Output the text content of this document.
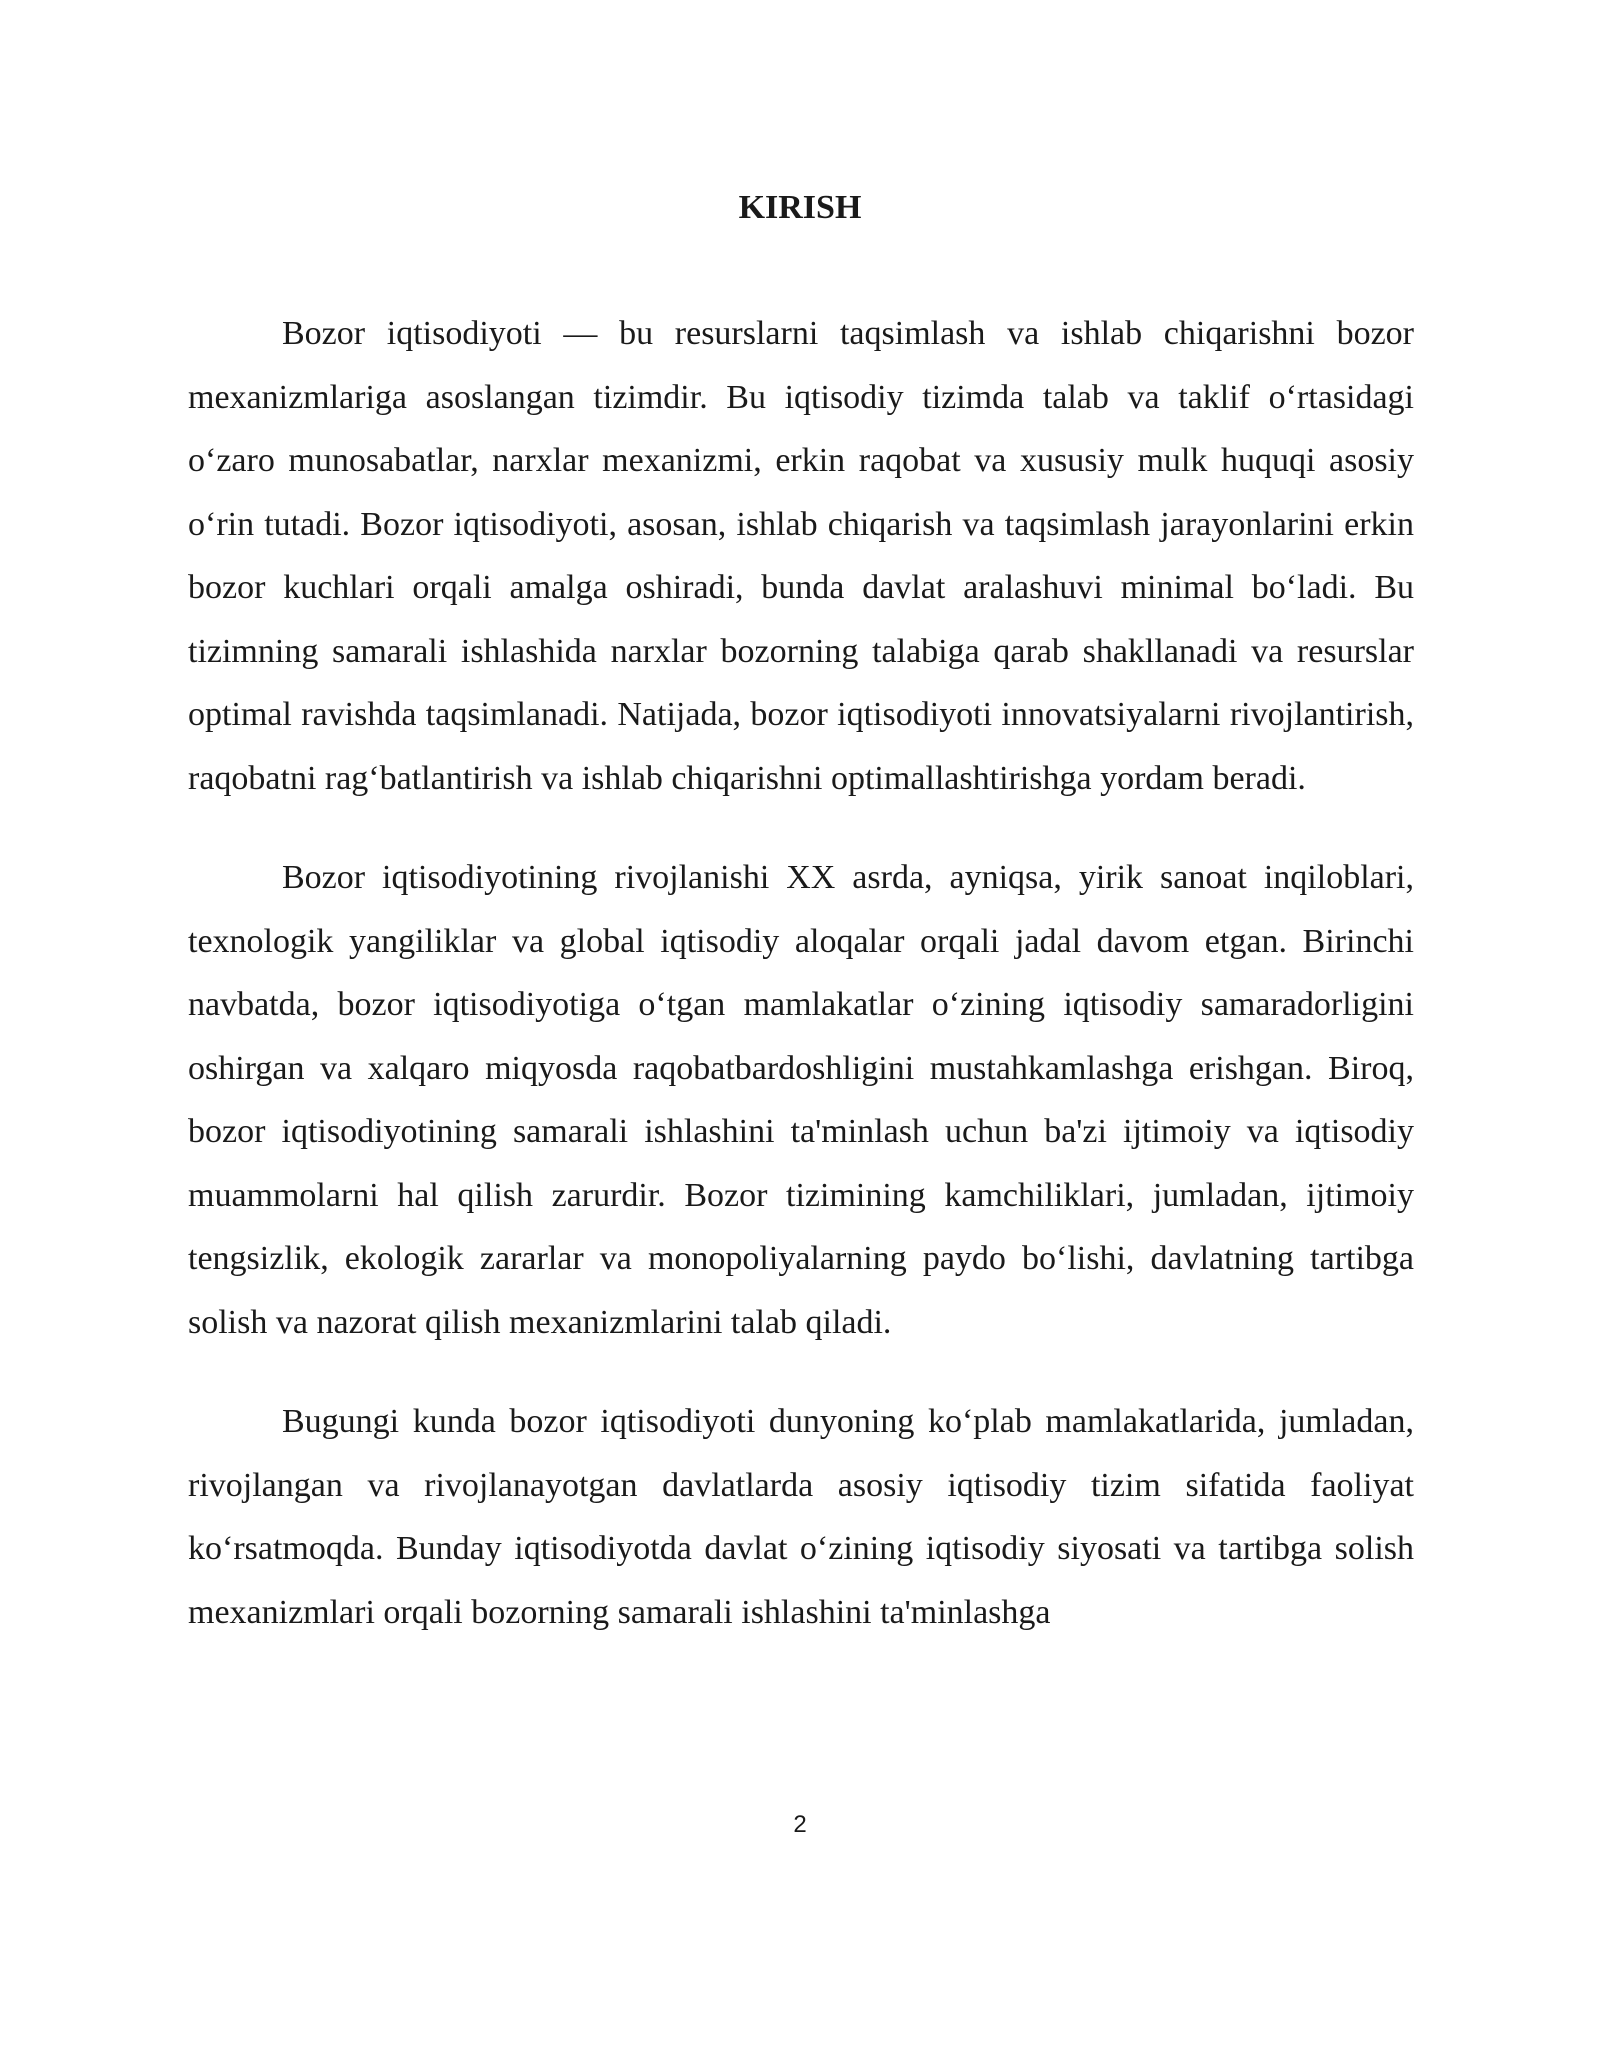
KIRISH

Bozor iqtisodiyoti — bu resurslarni taqsimlash va ishlab chiqarishni bozor mexanizmlariga asoslangan tizimdir. Bu iqtisodiy tizimda talab va taklif o‘rtasidagi o‘zaro munosabatlar, narxlar mexanizmi, erkin raqobat va xususiy mulk huquqi asosiy o‘rin tutadi. Bozor iqtisodiyoti, asosan, ishlab chiqarish va taqsimlash jarayonlarini erkin bozor kuchlari orqali amalga oshiradi, bunda davlat aralashuvi minimal bo‘ladi. Bu tizimning samarali ishlashida narxlar bozorning talabiga qarab shakllanadi va resurslar optimal ravishda taqsimlanadi. Natijada, bozor iqtisodiyoti innovatsiyalarni rivojlantirish, raqobatni rag‘batlantirish va ishlab chiqarishni optimallashtirishga yordam beradi.

Bozor iqtisodiyotining rivojlanishi XX asrda, ayniqsa, yirik sanoat inqiloblari, texnologik yangiliklar va global iqtisodiy aloqalar orqali jadal davom etgan. Birinchi navbatda, bozor iqtisodiyotiga o‘tgan mamlakatlar o‘zining iqtisodiy samaradorligini oshirgan va xalqaro miqyosda raqobatbardoshligini mustahkamlashga erishgan. Biroq, bozor iqtisodiyotining samarali ishlashini ta'minlash uchun ba'zi ijtimoiy va iqtisodiy muammolarni hal qilish zarurdir. Bozor tizimining kamchiliklari, jumladan, ijtimoiy tengsizlik, ekologik zararlar va monopoliyalarning paydo bo‘lishi, davlatning tartibga solish va nazorat qilish mexanizmlarini talab qiladi.

Bugungi kunda bozor iqtisodiyoti dunyoning ko‘plab mamlakatlarida, jumladan, rivojlangan va rivojlanayotgan davlatlarda asosiy iqtisodiy tizim sifatida faoliyat ko‘rsatmoqda. Bunday iqtisodiyotda davlat o‘zining iqtisodiy siyosati va tartibga solish mexanizmlari orqali bozorning samarali ishlashini ta'minlashga

2
